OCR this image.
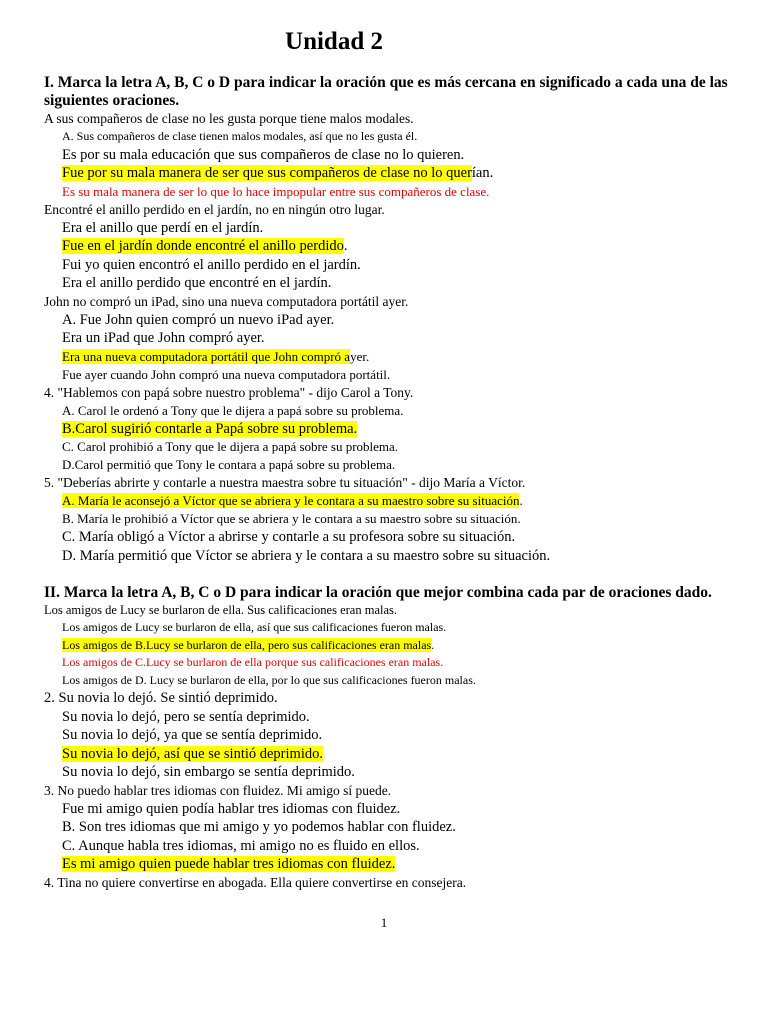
Unidad 2
I. Marca la letra A, B, C o D para indicar la oración que es más cercana en significado a cada una de las siguientes oraciones.
A sus compañeros de clase no les gusta porque tiene malos modales.
A. Sus compañeros de clase tienen malos modales, así que no les gusta él.
Es por su mala educación que sus compañeros de clase no lo quieren.
Fue por su mala manera de ser que sus compañeros de clase no lo querían.
Es su mala manera de ser lo que lo hace impopular entre sus compañeros de clase.
Encontré el anillo perdido en el jardín, no en ningún otro lugar.
Era el anillo que perdí en el jardín.
Fue en el jardín donde encontré el anillo perdido.
Fui yo quien encontró el anillo perdido en el jardín.
Era el anillo perdido que encontré en el jardín.
John no compró un iPad, sino una nueva computadora portátil ayer.
A. Fue John quien compró un nuevo iPad ayer.
Era un iPad que John compró ayer.
Era una nueva computadora portátil que John compró ayer.
Fue ayer cuando John compró una nueva computadora portátil.
4. "Hablemos con papá sobre nuestro problema" - dijo Carol a Tony.
A. Carol le ordenó a Tony que le dijera a papá sobre su problema.
B.Carol sugirió contarle a Papá sobre su problema.
C. Carol prohibió a Tony que le dijera a papá sobre su problema.
D.Carol permitió que Tony le contara a papá sobre su problema.
5. "Deberías abrirte y contarle a nuestra maestra sobre tu situación" - dijo María a Víctor.
A. María le aconsejó a Víctor que se abriera y le contara a su maestro sobre su situación.
B. María le prohibió a Víctor que se abriera y le contara a su maestro sobre su situación.
C. María obligó a Víctor a abrirse y contarle a su profesora sobre su situación.
D. María permitió que Víctor se abriera y le contara a su maestro sobre su situación.
II. Marca la letra A, B, C o D para indicar la oración que mejor combina cada par de oraciones dado.
Los amigos de Lucy se burlaron de ella. Sus calificaciones eran malas.
Los amigos de Lucy se burlaron de ella, así que sus calificaciones fueron malas.
Los amigos de B.Lucy se burlaron de ella, pero sus calificaciones eran malas.
Los amigos de C.Lucy se burlaron de ella porque sus calificaciones eran malas.
Los amigos de D. Lucy se burlaron de ella, por lo que sus calificaciones fueron malas.
2. Su novia lo dejó. Se sintió deprimido.
Su novia lo dejó, pero se sentía deprimido.
Su novia lo dejó, ya que se sentía deprimido.
Su novia lo dejó, así que se sintió deprimido.
Su novia lo dejó, sin embargo se sentía deprimido.
3. No puedo hablar tres idiomas con fluidez. Mi amigo sí puede.
Fue mi amigo quien podía hablar tres idiomas con fluidez.
B. Son tres idiomas que mi amigo y yo podemos hablar con fluidez.
C. Aunque habla tres idiomas, mi amigo no es fluido en ellos.
Es mi amigo quien puede hablar tres idiomas con fluidez.
4. Tina no quiere convertirse en abogada. Ella quiere convertirse en consejera.
1
